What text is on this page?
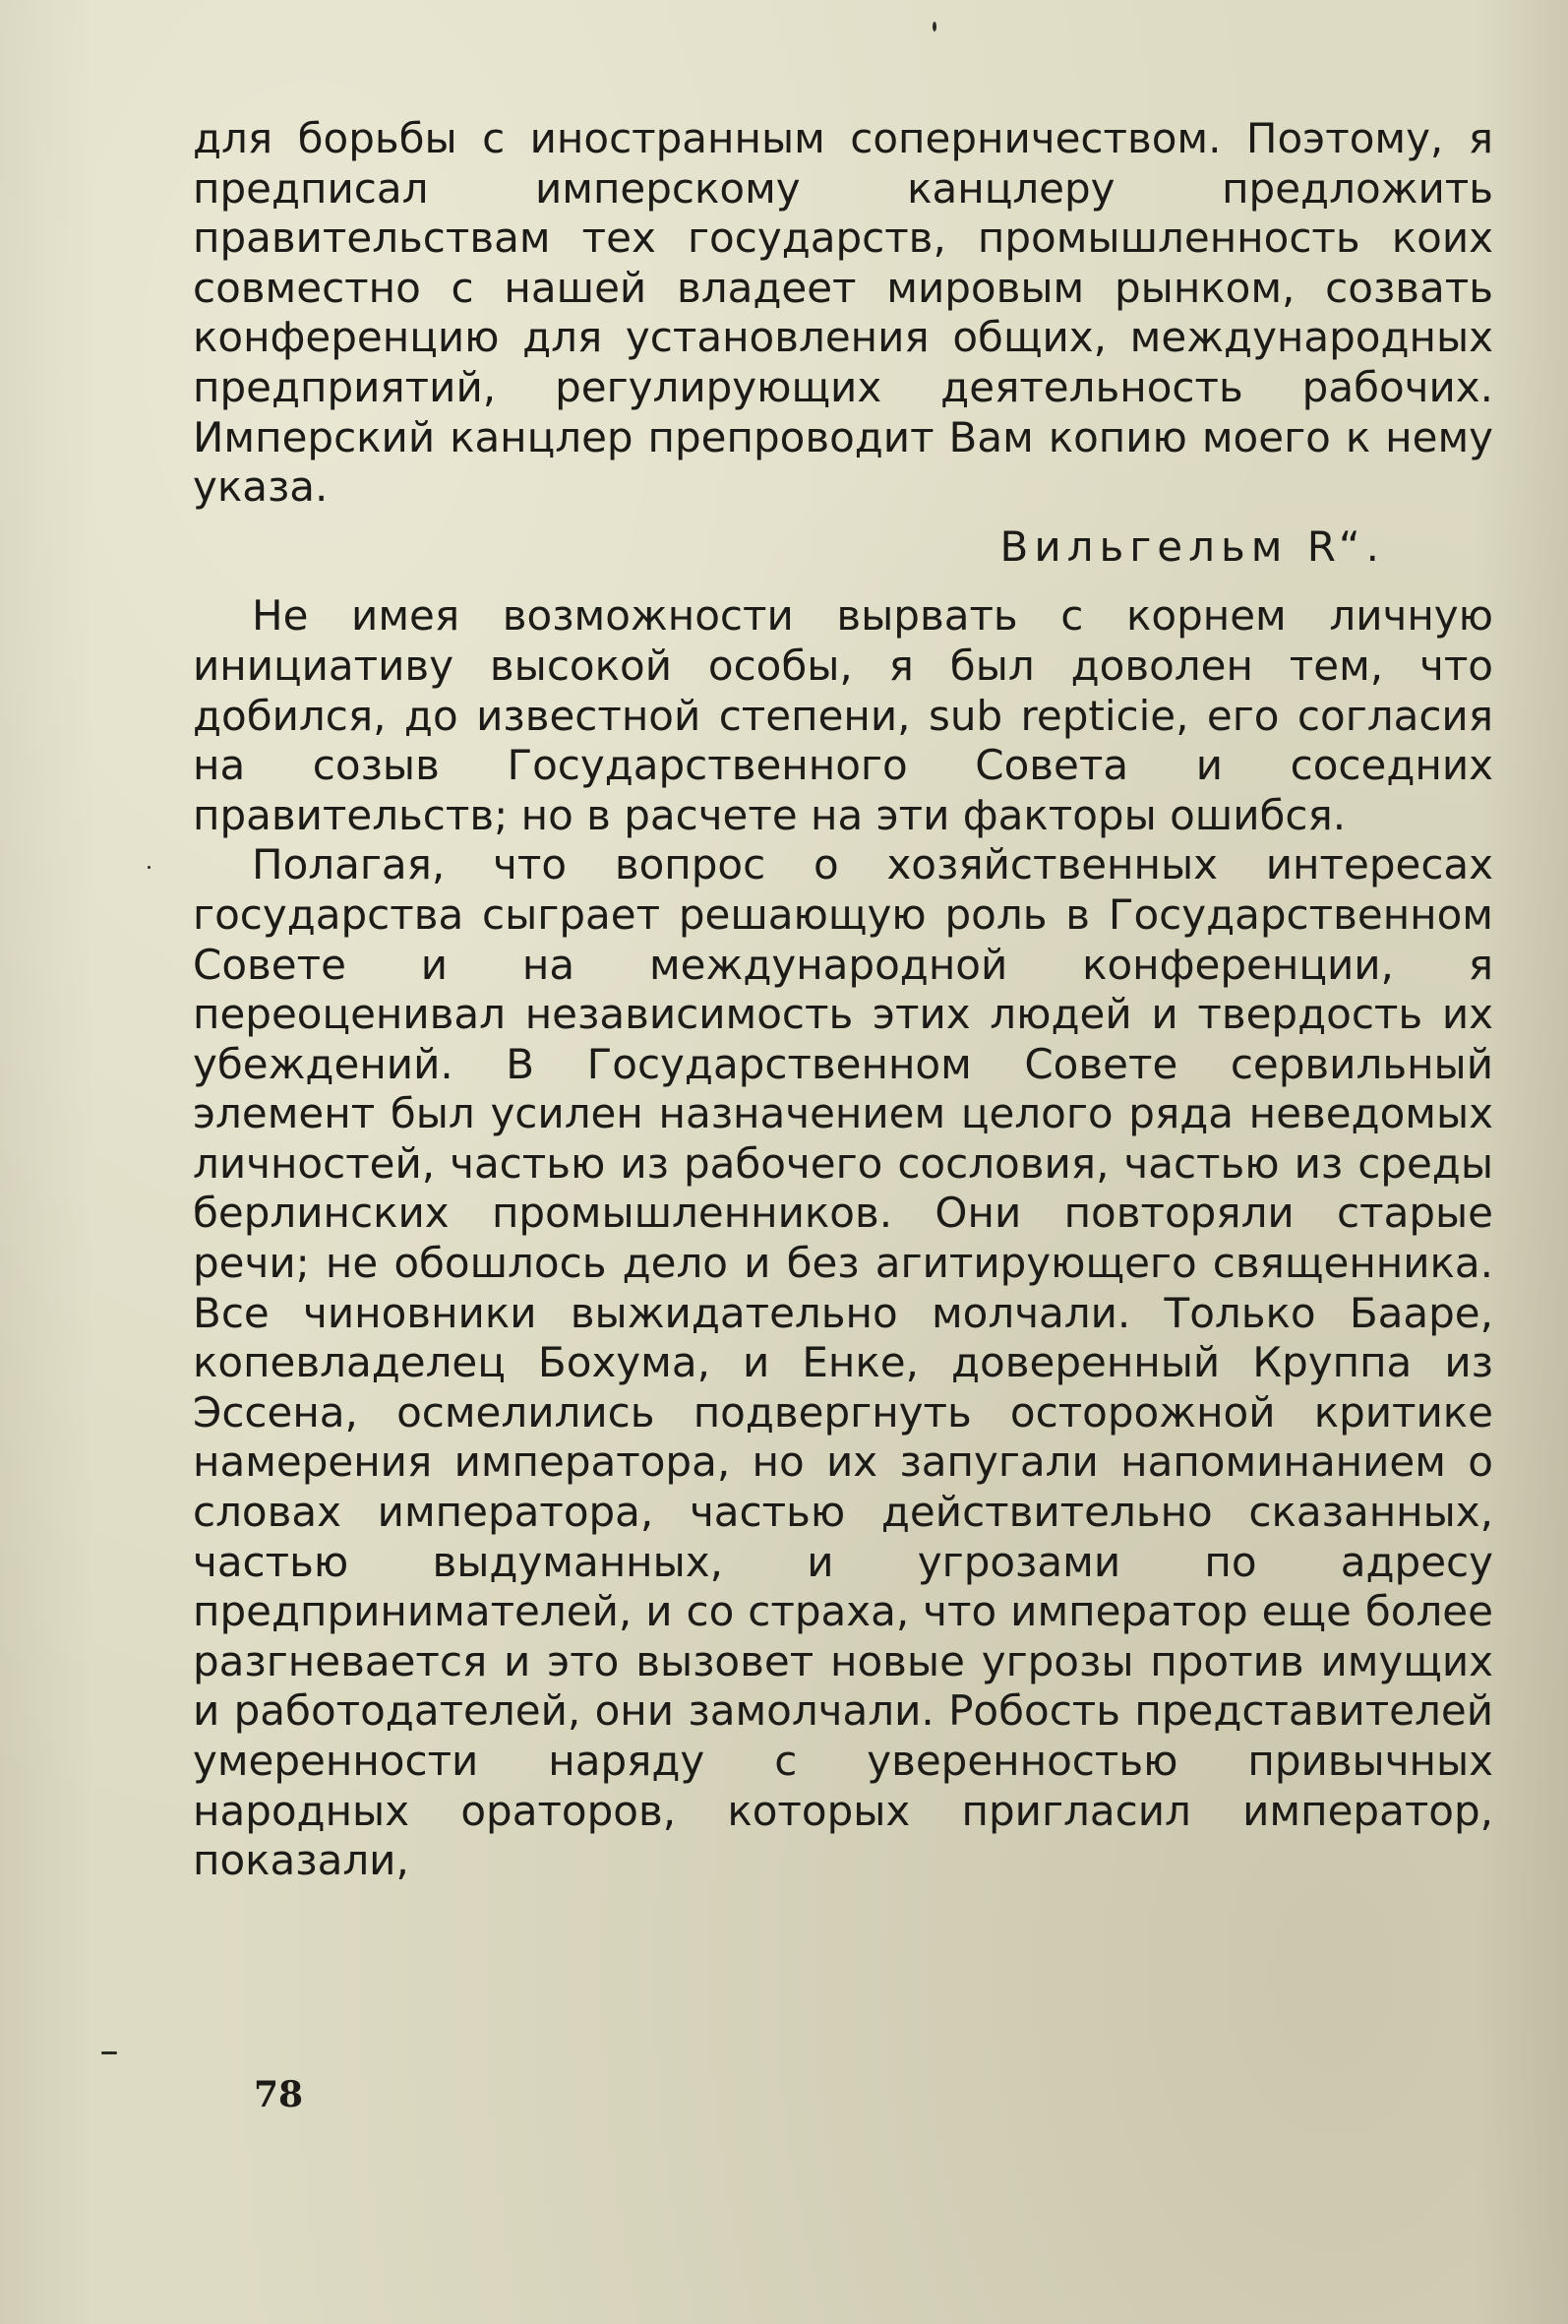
для борьбы с иностранным соперничеством. Поэтому, я предписал имперскому канцлеру предложить правительствам тех государств, промышленность коих совместно с нашей владеет мировым рынком, созвать конференцию для установления общих, международных предприятий, регулирующих деятельность рабочих. Имперский канцлер препроводит Вам копию моего к нему указа.

Вильгельм R“.

Не имея возможности вырвать с корнем личную инициативу высокой особы, я был доволен тем, что добился, до известной степени, sub repticie, его согласия на созыв Государственного Совета и соседних правительств; но в расчете на эти факторы ошибся.

Полагая, что вопрос о хозяйственных интересах государства сыграет решающую роль в Государственном Совете и на международной конференции, я переоценивал независимость этих людей и твердость их убеждений. В Государственном Совете сервильный элемент был усилен назначением целого ряда неведомых личностей, частью из рабочего сословия, частью из среды берлинских промышленников. Они повторяли старые речи; не обошлось дело и без агитирующего священника. Все чиновники выжидательно молчали. Только Бааре, копевладелец Бохума, и Енке, доверенный Круппа из Эссена, осмелились подвергнуть осторожной критике намерения императора, но их запугали напоминанием о словах императора, частью действительно сказанных, частью выдуманных, и угрозами по адресу предпринимателей, и со страха, что император еще более разгневается и это вызовет новые угрозы против имущих и работодателей, они замолчали. Робость представителей умеренности наряду с уверенностью привычных народных ораторов, которых пригласил император, показали,

78
